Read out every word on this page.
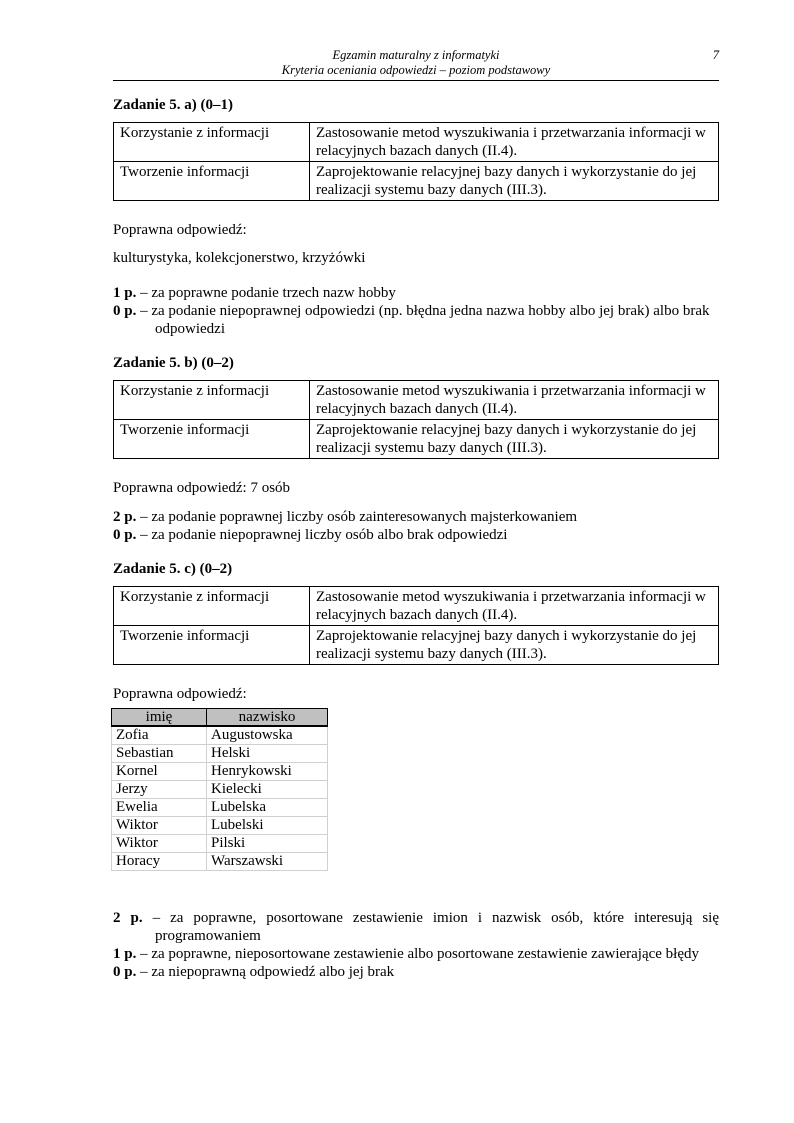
Egzamin maturalny z informatyki
Kryteria oceniania odpowiedzi – poziom podstawowy
7
Zadanie 5. a) (0–1)
Korzystanie z informacji	Zastosowanie metod wyszukiwania i przetwarzania informacji w relacyjnych bazach danych (II.4).
Tworzenie informacji	Zaprojektowanie relacyjnej bazy danych i wykorzystanie do jej realizacji systemu bazy danych (III.3).

Poprawna odpowiedź:

kulturystyka, kolekcjonerstwo, krzyżówki

1 p. – za poprawne podanie trzech nazw hobby

0 p. – za podanie niepoprawnej odpowiedzi (np. błędna jedna nazwa hobby albo jej brak) albo brak odpowiedzi

Zadanie 5. b) (0–2)
Korzystanie z informacji	Zastosowanie metod wyszukiwania i przetwarzania informacji w relacyjnych bazach danych (II.4).
Tworzenie informacji	Zaprojektowanie relacyjnej bazy danych i wykorzystanie do jej realizacji systemu bazy danych (III.3).

Poprawna odpowiedź: 7 osób

2 p. – za podanie poprawnej liczby osób zainteresowanych majsterkowaniem

0 p. – za podanie niepoprawnej liczby osób albo brak odpowiedzi

Zadanie 5. c) (0–2)
Korzystanie z informacji	Zastosowanie metod wyszukiwania i przetwarzania informacji w relacyjnych bazach danych (II.4).
Tworzenie informacji	Zaprojektowanie relacyjnej bazy danych i wykorzystanie do jej realizacji systemu bazy danych (III.3).

Poprawna odpowiedź:

imię	nazwisko
Zofia	Augustowska
Sebastian	Helski
Kornel	Henrykowski
Jerzy	Kielecki
Ewelia	Lubelska
Wiktor	Lubelski
Wiktor	Pilski
Horacy	Warszawski

2 p. – za poprawne, posortowane zestawienie imion i nazwisk osób, które interesują się programowaniem

1 p. – za poprawne, nieposortowane zestawienie albo posortowane zestawienie zawierające błędy

0 p. – za niepoprawną odpowiedź albo jej brak
